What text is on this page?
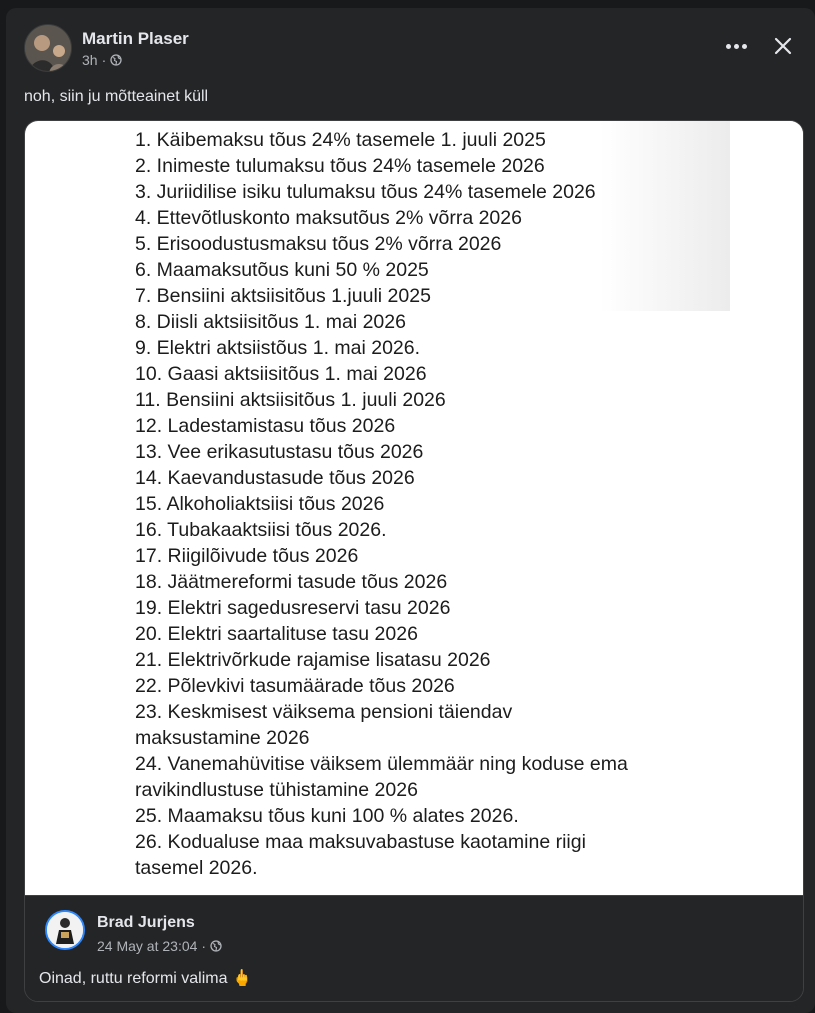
Martin Plaser
3h ·
noh, siin ju mõtteainet küll
1. Käibemaksu tõus 24% tasemele 1. juuli 2025
2. Inimeste tulumaksu tõus 24% tasemele 2026
3. Juriidilise isiku tulumaksu tõus 24% tasemele 2026
4. Ettevõtluskonto maksutõus 2% võrra 2026
5. Erisoodustusmaksu tõus 2% võrra 2026
6. Maamaksutõus kuni 50 % 2025
7. Bensiini aktsiisitõus 1.juuli 2025
8. Diisli aktsiisitõus 1. mai 2026
9. Elektri aktsiistõus 1. mai 2026.
10. Gaasi aktsiisitõus 1. mai 2026
11. Bensiini aktsiisitõus 1. juuli 2026
12. Ladestamistasu tõus 2026
13. Vee erikasutustasu tõus 2026
14. Kaevandustasude tõus 2026
15. Alkoholiaktsiisi tõus 2026
16. Tubakaaktsiisi tõus 2026.
17. Riigilõivude tõus 2026
18. Jäätmereformi tasude tõus 2026
19. Elektri sagedusreservi tasu 2026
20. Elektri saartalituse tasu 2026
21. Elektrivõrkude rajamise lisatasu 2026
22. Põlevkivi tasumäärade tõus 2026
23. Keskmisest väiksema pensioni täiendav maksustamine 2026
24. Vanemahüvitise väiksem ülemmäär ning koduse ema ravikindlustuse tühistamine 2026
25. Maamaksu tõus kuni 100 % alates 2026.
26. Kodualuse maa maksuvabastuse kaotamine riigi tasemel 2026.
Brad Jurjens
24 May at 23:04 ·
Oinad, ruttu reformi valima 🖕
